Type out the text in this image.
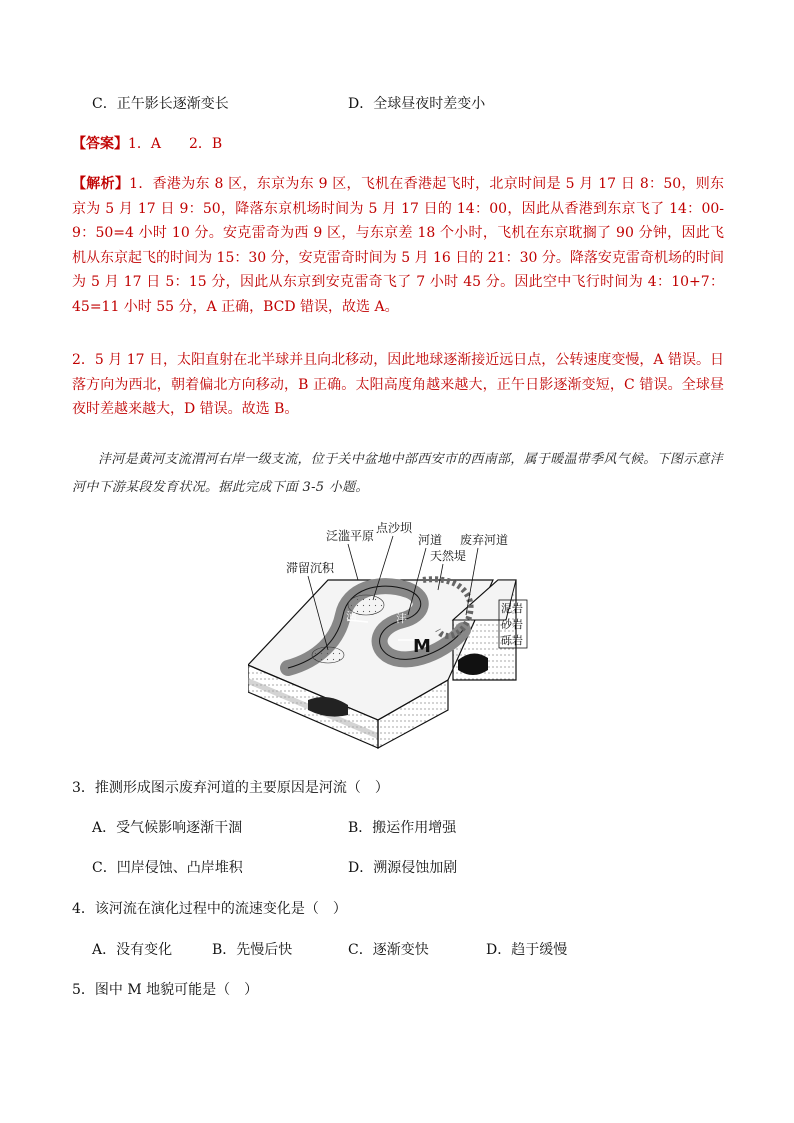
C．正午影长逐渐变长	D．全球昼夜时差变小
【答案】1．A　　2．B
【解析】1．香港为东 8 区，东京为东 9 区，飞机在香港起飞时，北京时间是 5 月 17 日 8：50，则东京为 5 月 17 日 9：50，降落东京机场时间为 5 月 17 日的 14：00，因此从香港到东京飞了 14：00-9：50=4 小时 10 分。安克雷奇为西 9 区，与东京差 18 个小时，飞机在东京耽搁了 90 分钟，因此飞机从东京起飞的时间为 15：30 分，安克雷奇时间为 5 月 16 日的 21：30 分。降落安克雷奇机场的时间为 5 月 17 日 5：15 分，因此从东京到安克雷奇飞了 7 小时 45 分。因此空中飞行时间为 4：10+7：45=11 小时 55 分，A 正确，BCD 错误，故选 A。
2．5 月 17 日，太阳直射在北半球并且向北移动，因此地球逐渐接近远日点，公转速度变慢，A 错误。日落方向为西北，朝着偏北方向移动，B 正确。太阳高度角越来越大，正午日影逐渐变短，C 错误。全球昼夜时差越来越大，D 错误。故选 B。
沣河是黄河支流渭河右岸一级支流，位于关中盆地中部西安市的西南部，属于暖温带季风气候。下图示意沣河中下游某段发育状况。据此完成下面 3-5 小题。
泛滥平原
点沙坝
河道 废弃河道
天然堤
滞留沉积
泥岩
砂岩
砾岩
M
沣
河
3．推测形成图示废弃河道的主要原因是河流（　）
A．受气候影响逐渐干涸	B．搬运作用增强
C．凹岸侵蚀、凸岸堆积	D．溯源侵蚀加剧
4．该河流在演化过程中的流速变化是（　）
A．没有变化	B．先慢后快	C．逐渐变快	D．趋于缓慢
5．图中 M 地貌可能是（　）
